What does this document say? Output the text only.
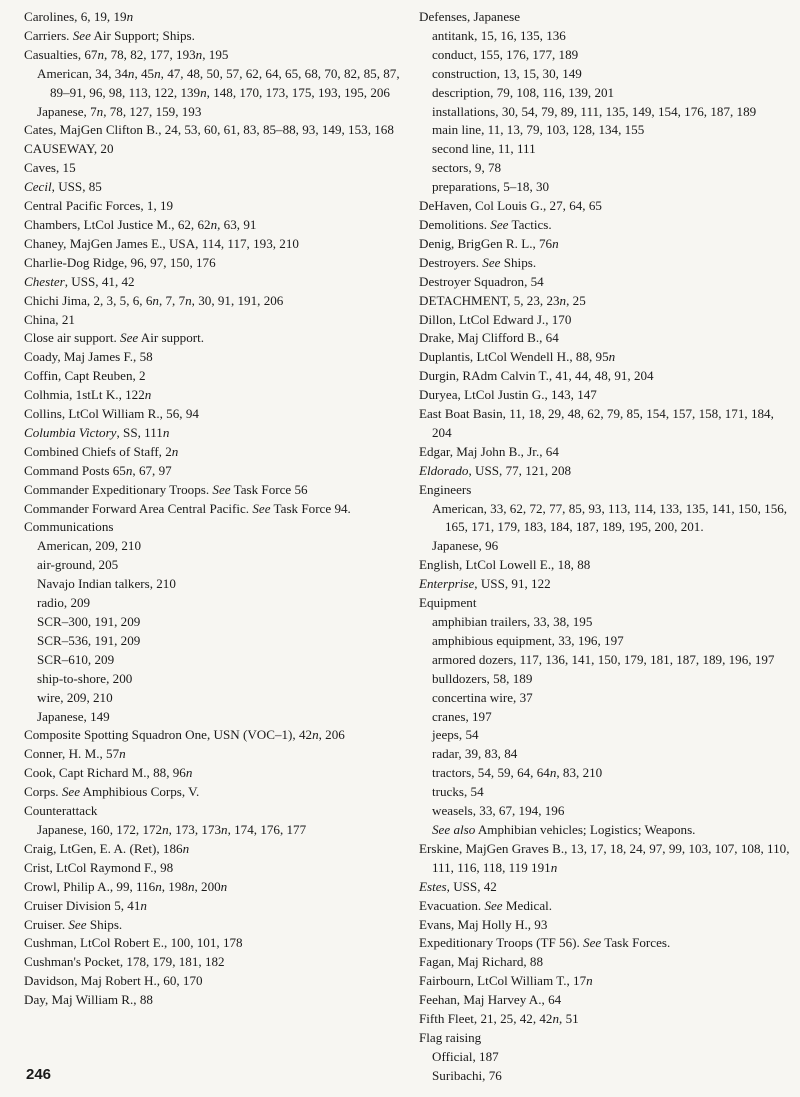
Carolines, 6, 19, 19n

Carriers. See Air Support; Ships.

Casualties, 67n, 78, 82, 177, 193n, 195

American, 34, 34n, 45n, 47, 48, 50, 57, 62, 64, 65, 68, 70, 82, 85, 87, 89–91, 96, 98, 113, 122, 139n, 148, 170, 173, 175, 193, 195, 206

Japanese, 7n, 78, 127, 159, 193

Cates, MajGen Clifton B., 24, 53, 60, 61, 83, 85–88, 93, 149, 153, 168

CAUSEWAY, 20

Caves, 15

Cecil, USS, 85

Central Pacific Forces, 1, 19

Chambers, LtCol Justice M., 62, 62n, 63, 91

Chaney, MajGen James E., USA, 114, 117, 193, 210

Charlie-Dog Ridge, 96, 97, 150, 176

Chester, USS, 41, 42

Chichi Jima, 2, 3, 5, 6, 6n, 7, 7n, 30, 91, 191, 206

China, 21

Close air support. See Air support.

Coady, Maj James F., 58

Coffin, Capt Reuben, 2

Colhmia, 1stLt K., 122n

Collins, LtCol William R., 56, 94

Columbia Victory, SS, 111n

Combined Chiefs of Staff, 2n

Command Posts 65n, 67, 97

Commander Expeditionary Troops. See Task Force 56

Commander Forward Area Central Pacific. See Task Force 94.

Communications

American, 209, 210

air-ground, 205

Navajo Indian talkers, 210

radio, 209

SCR–300, 191, 209

SCR–536, 191, 209

SCR–610, 209

ship-to-shore, 200

wire, 209, 210

Japanese, 149

Composite Spotting Squadron One, USN (VOC–1), 42n, 206

Conner, H. M., 57n

Cook, Capt Richard M., 88, 96n

Corps. See Amphibious Corps, V.

Counterattack

Japanese, 160, 172, 172n, 173, 173n, 174, 176, 177

Craig, LtGen, E. A. (Ret), 186n

Crist, LtCol Raymond F., 98

Crowl, Philip A., 99, 116n, 198n, 200n

Cruiser Division 5, 41n

Cruiser. See Ships.

Cushman, LtCol Robert E., 100, 101, 178

Cushman's Pocket, 178, 179, 181, 182

Davidson, Maj Robert H., 60, 170

Day, Maj William R., 88

Defenses, Japanese

antitank, 15, 16, 135, 136

conduct, 155, 176, 177, 189

construction, 13, 15, 30, 149

description, 79, 108, 116, 139, 201

installations, 30, 54, 79, 89, 111, 135, 149, 154, 176, 187, 189

main line, 11, 13, 79, 103, 128, 134, 155

second line, 11, 111

sectors, 9, 78

preparations, 5–18, 30

DeHaven, Col Louis G., 27, 64, 65

Demolitions. See Tactics.

Denig, BrigGen R. L., 76n

Destroyers. See Ships.

Destroyer Squadron, 54

DETACHMENT, 5, 23, 23n, 25

Dillon, LtCol Edward J., 170

Drake, Maj Clifford B., 64

Duplantis, LtCol Wendell H., 88, 95n

Durgin, RAdm Calvin T., 41, 44, 48, 91, 204

Duryea, LtCol Justin G., 143, 147

East Boat Basin, 11, 18, 29, 48, 62, 79, 85, 154, 157, 158, 171, 184, 204

Edgar, Maj John B., Jr., 64

Eldorado, USS, 77, 121, 208

Engineers

American, 33, 62, 72, 77, 85, 93, 113, 114, 133, 135, 141, 150, 156, 165, 171, 179, 183, 184, 187, 189, 195, 200, 201.

Japanese, 96

English, LtCol Lowell E., 18, 88

Enterprise, USS, 91, 122

Equipment

amphibian trailers, 33, 38, 195

amphibious equipment, 33, 196, 197

armored dozers, 117, 136, 141, 150, 179, 181, 187, 189, 196, 197

bulldozers, 58, 189

concertina wire, 37

cranes, 197

jeeps, 54

radar, 39, 83, 84

tractors, 54, 59, 64, 64n, 83, 210

trucks, 54

weasels, 33, 67, 194, 196

See also Amphibian vehicles; Logistics; Weapons.

Erskine, MajGen Graves B., 13, 17, 18, 24, 97, 99, 103, 107, 108, 110, 111, 116, 118, 119 191n

Estes, USS, 42

Evacuation. See Medical.

Evans, Maj Holly H., 93

Expeditionary Troops (TF 56). See Task Forces.

Fagan, Maj Richard, 88

Fairbourn, LtCol William T., 17n

Feehan, Maj Harvey A., 64

Fifth Fleet, 21, 25, 42, 42n, 51

Flag raising

Official, 187

Suribachi, 76

246
